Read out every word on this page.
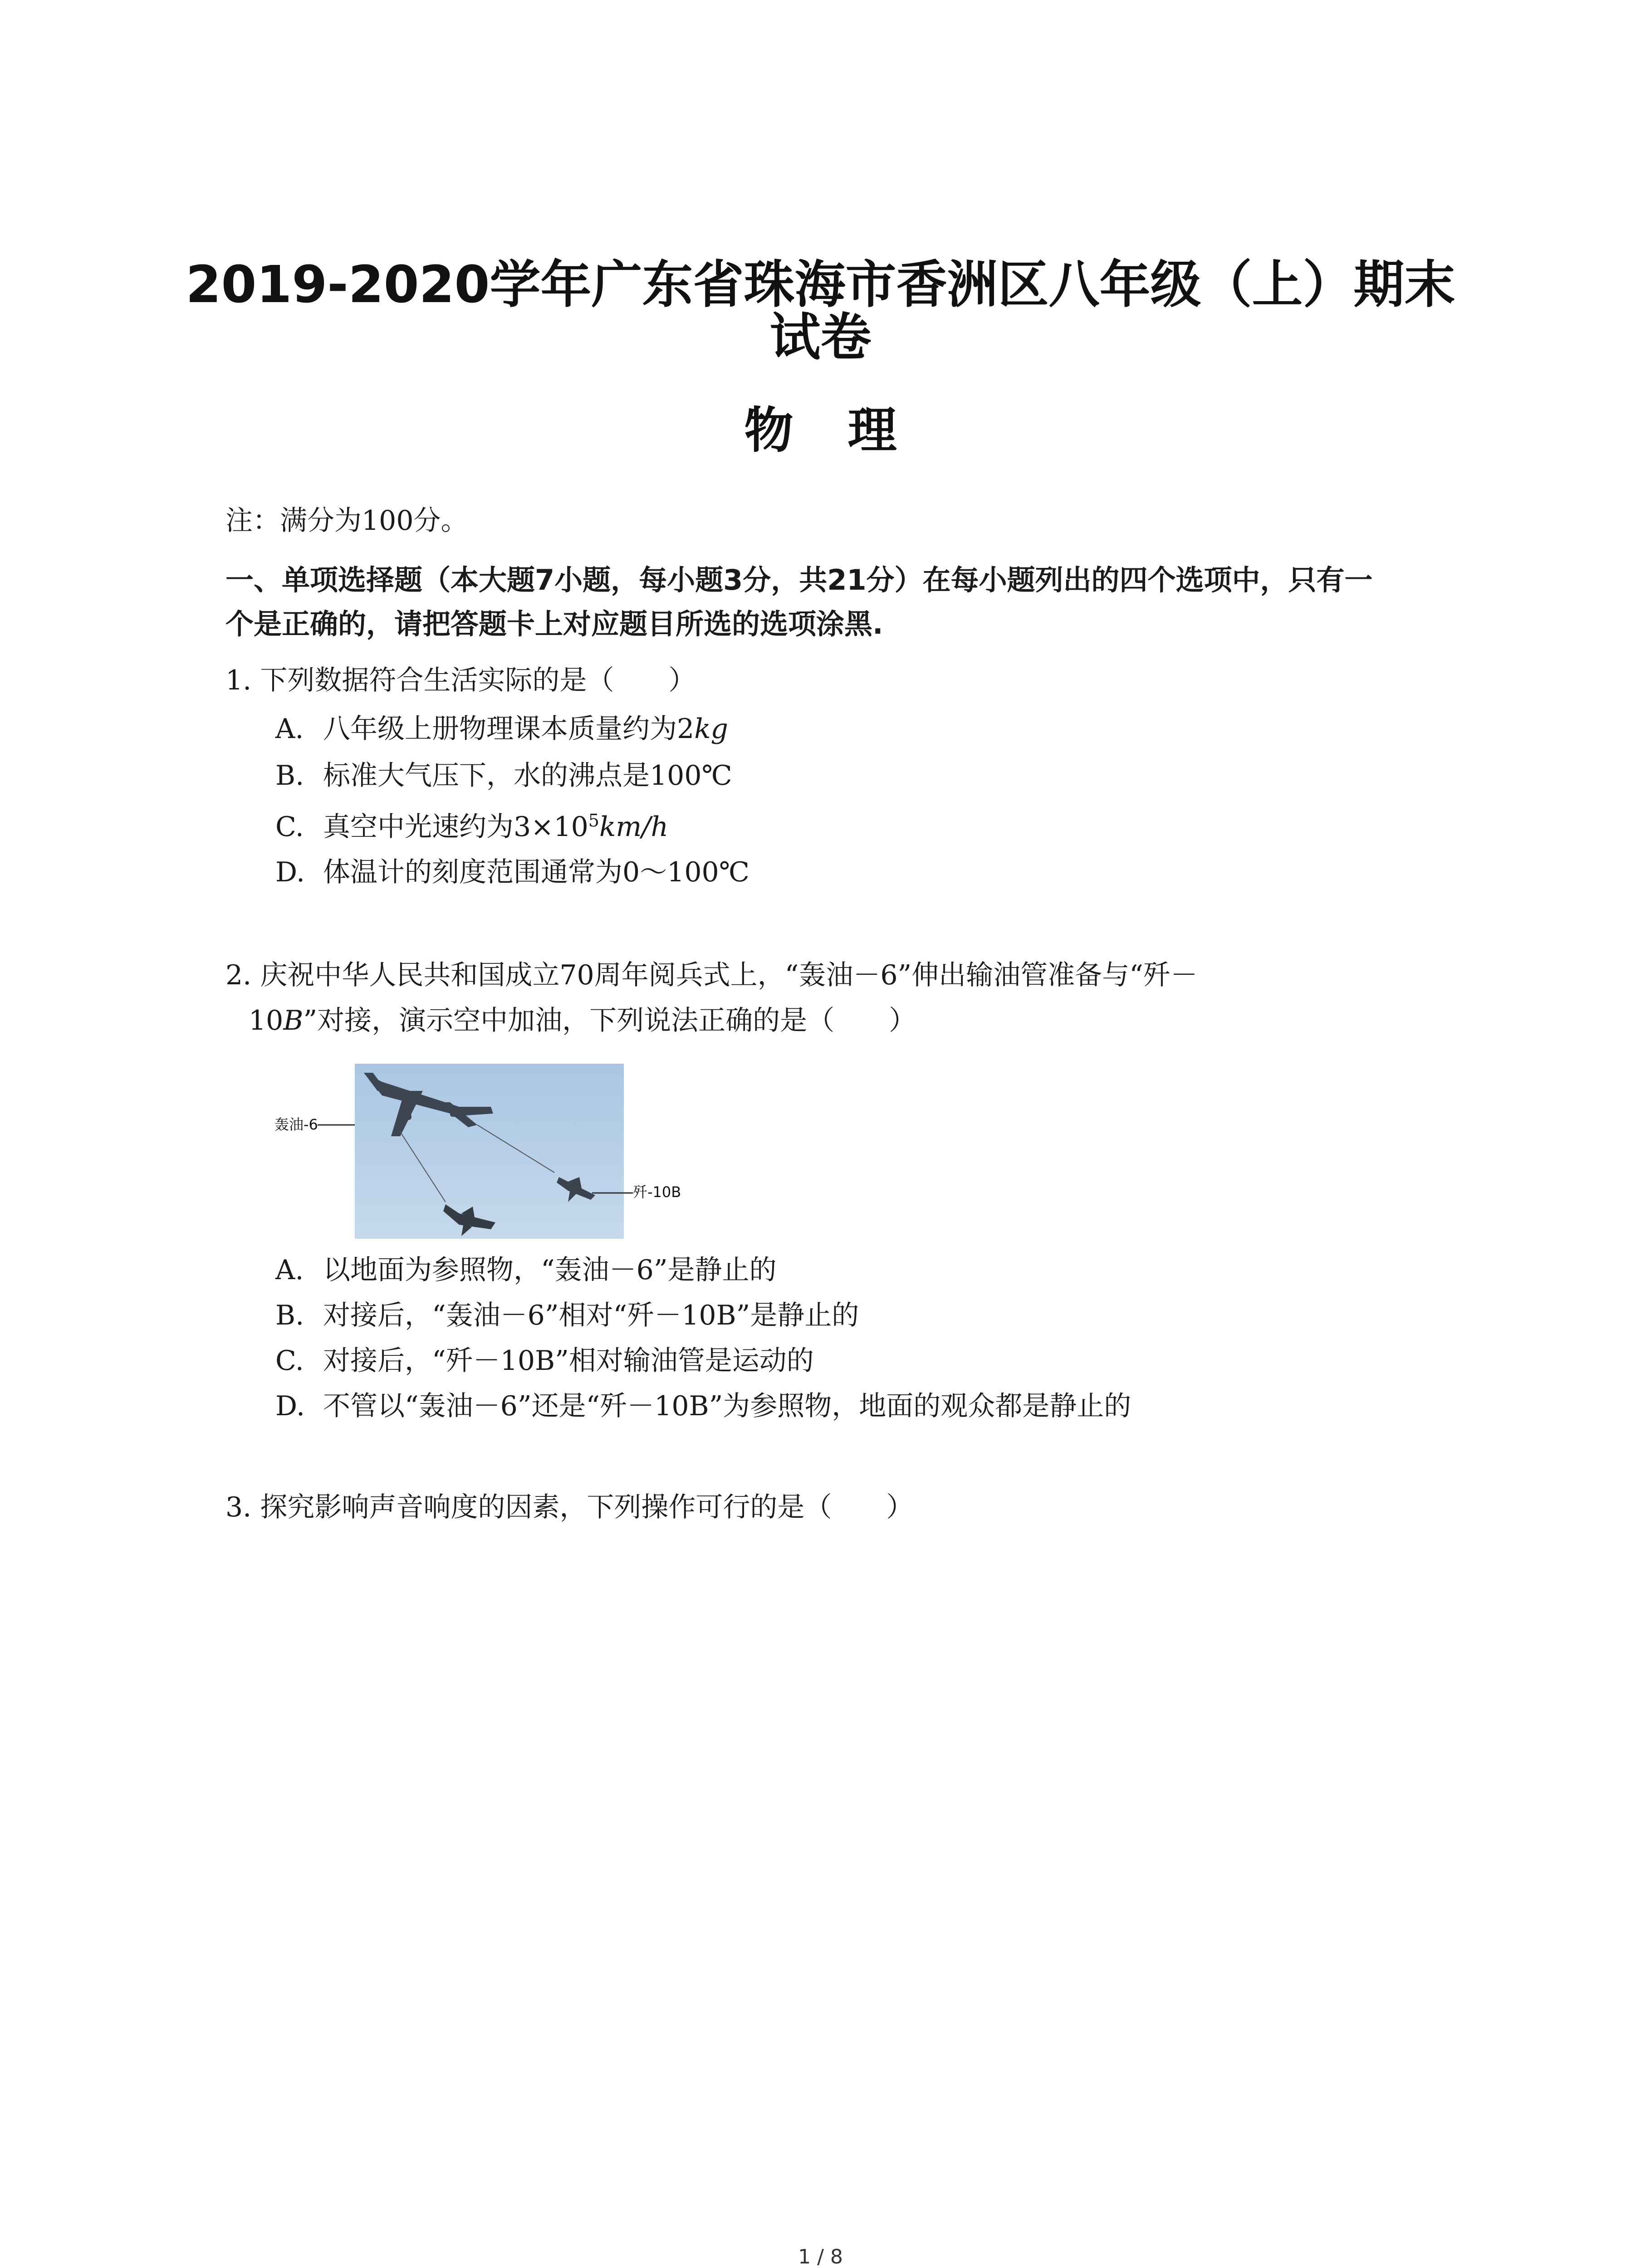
2019-2020学年广东省珠海市香洲区八年级（上）期末
试卷
物理
注：满分为100分。
一、单项选择题（本大题7小题，每小题3分，共21分）在每小题列出的四个选项中，只有一
个是正确的，请把答题卡上对应题目所选的选项涂黑.
1. 下列数据符合生活实际的是（　　）
A. 八年级上册物理课本质量约为2kg
B. 标准大气压下，水的沸点是100℃
C. 真空中光速约为$3\times 10^5km/h$
D. 体温计的刻度范围通常为0～100℃
2. 庆祝中华人民共和国成立70周年阅兵式上，“轰油－6”伸出输油管准备与“歼－
10B”对接，演示空中加油，下列说法正确的是（　　）
轰油-6
歼-10B
A. 以地面为参照物，“轰油－6”是静止的
B. 对接后，“轰油－6”相对“歼－10B”是静止的
C. 对接后，“歼－10B”相对输油管是运动的
D. 不管以“轰油－6”还是“歼－10B”为参照物，地面的观众都是静止的
3. 探究影响声音响度的因素，下列操作可行的是（　　）
1 / 8
